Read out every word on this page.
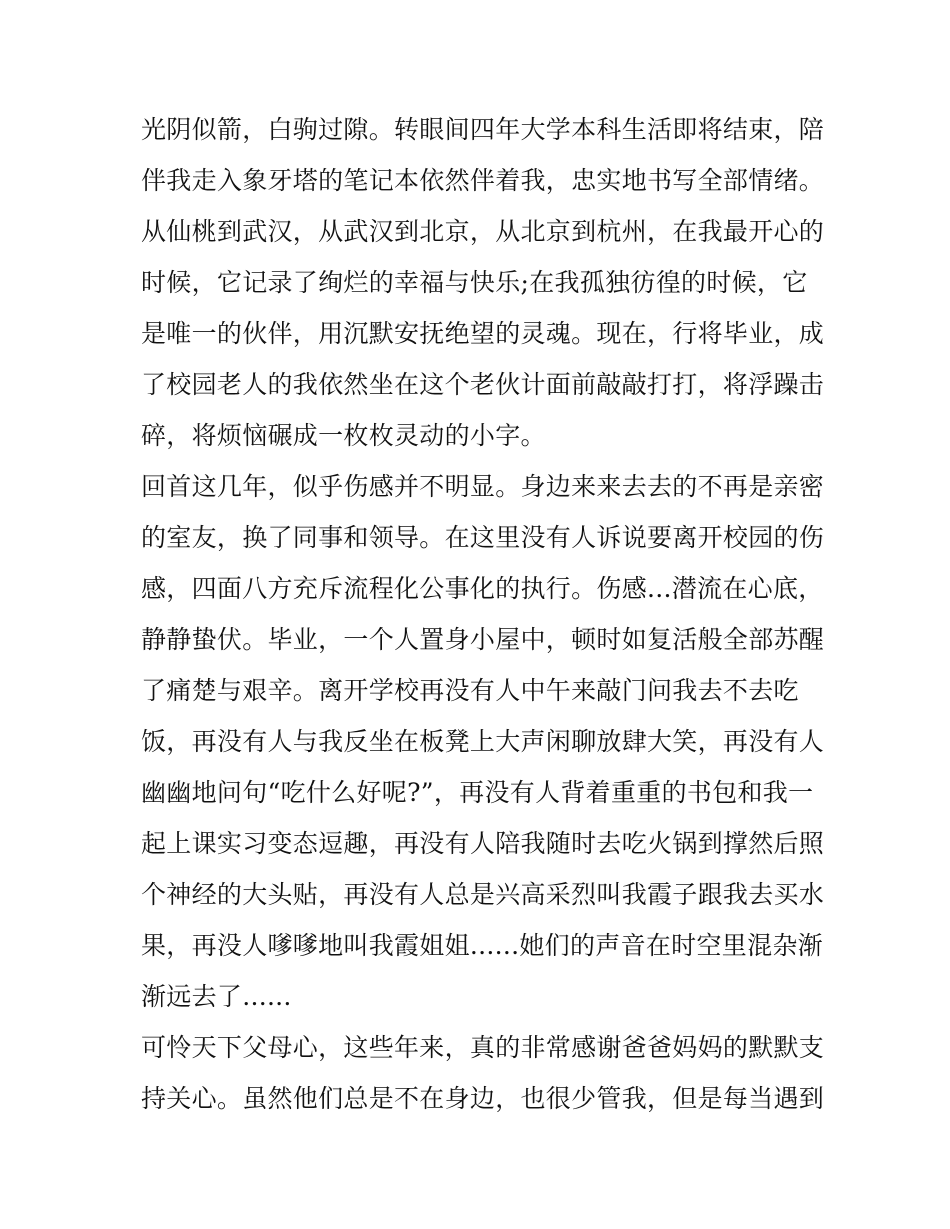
光阴似箭，白驹过隙。转眼间四年大学本科生活即将结束，陪
伴我走入象牙塔的笔记本依然伴着我，忠实地书写全部情绪。
从仙桃到武汉，从武汉到北京，从北京到杭州，在我最开心的
时候，它记录了绚烂的幸福与快乐;在我孤独彷徨的时候，它
是唯一的伙伴，用沉默安抚绝望的灵魂。现在，行将毕业，成
了校园老人的我依然坐在这个老伙计面前敲敲打打，将浮躁击
碎，将烦恼碾成一枚枚灵动的小字。
回首这几年，似乎伤感并不明显。身边来来去去的不再是亲密
的室友，换了同事和领导。在这里没有人诉说要离开校园的伤
感，四面八方充斥流程化公事化的执行。伤感...潜流在心底，
静静蛰伏。毕业，一个人置身小屋中，顿时如复活般全部苏醒
了痛楚与艰辛。离开学校再没有人中午来敲门问我去不去吃
饭，再没有人与我反坐在板凳上大声闲聊放肆大笑，再没有人
幽幽地问句“吃什么好呢?”，再没有人背着重重的书包和我一
起上课实习变态逗趣，再没有人陪我随时去吃火锅到撑然后照
个神经的大头贴，再没有人总是兴高采烈叫我霞子跟我去买水
果，再没人嗲嗲地叫我霞姐姐......她们的声音在时空里混杂渐
渐远去了......
可怜天下父母心，这些年来，真的非常感谢爸爸妈妈的默默支
持关心。虽然他们总是不在身边，也很少管我，但是每当遇到
